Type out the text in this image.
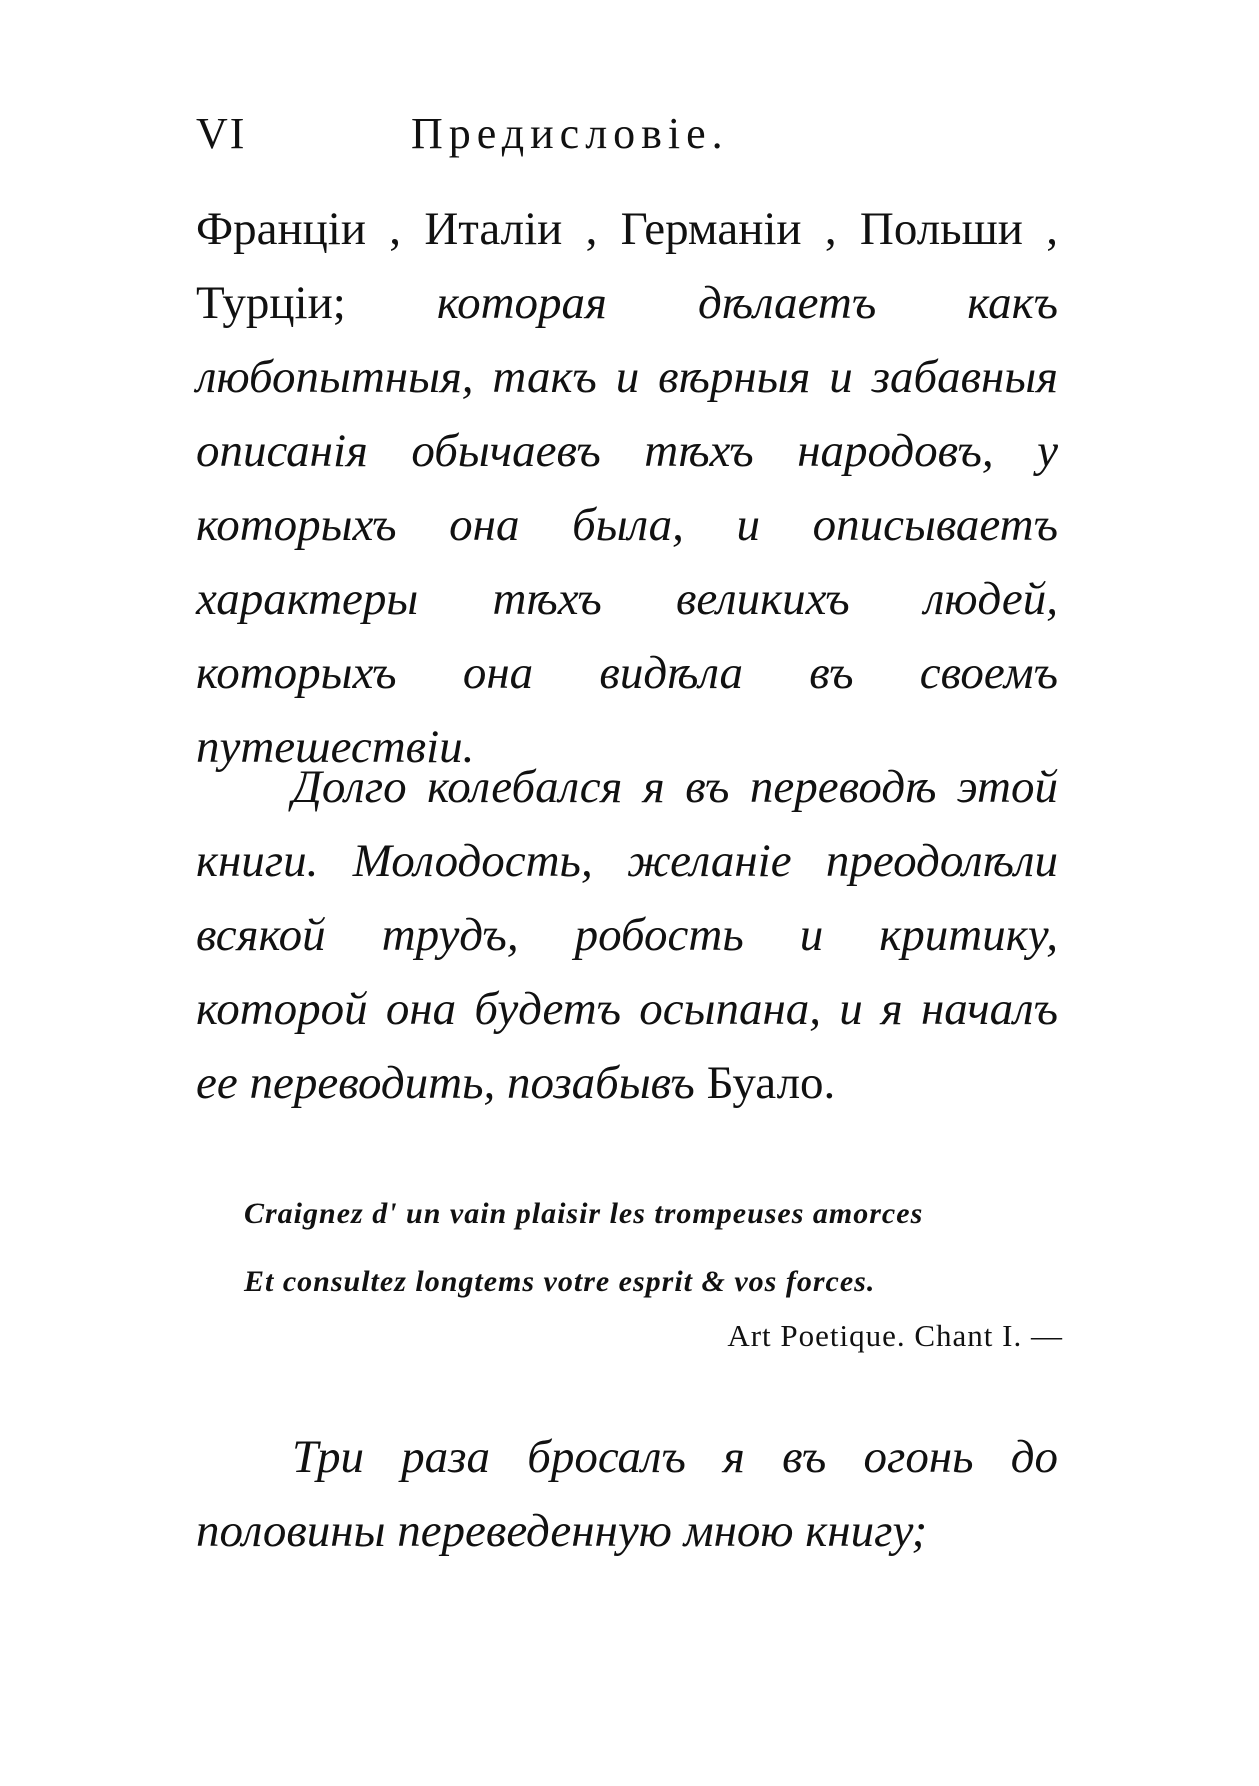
VI	Предисловiе.
Францiи , Италiи , Германiи , Польши , Турцiи; которая дѣлаетъ какъ любопытныя, такъ и вѣрныя и забавныя описанiя обычаевъ тѣхъ народовъ, у которыхъ она была, и описываетъ характеры тѣхъ великихъ людей, которыхъ она видѣла въ своемъ путешествiи.
Долго колебался я въ переводѣ этой книги. Молодость, желанiе преодолѣли всякой трудъ, робость и критику, которой она будетъ осыпана, и я началъ ее переводить, позабывъ Буало.
Craignez d' un vain plaisir les trompeuses amorces
Et consultez longtems votre esprit & vos forces.
Art Poetique. Chant I. —
Три раза бросалъ я въ огонь до половины переведенную мною книгу;
